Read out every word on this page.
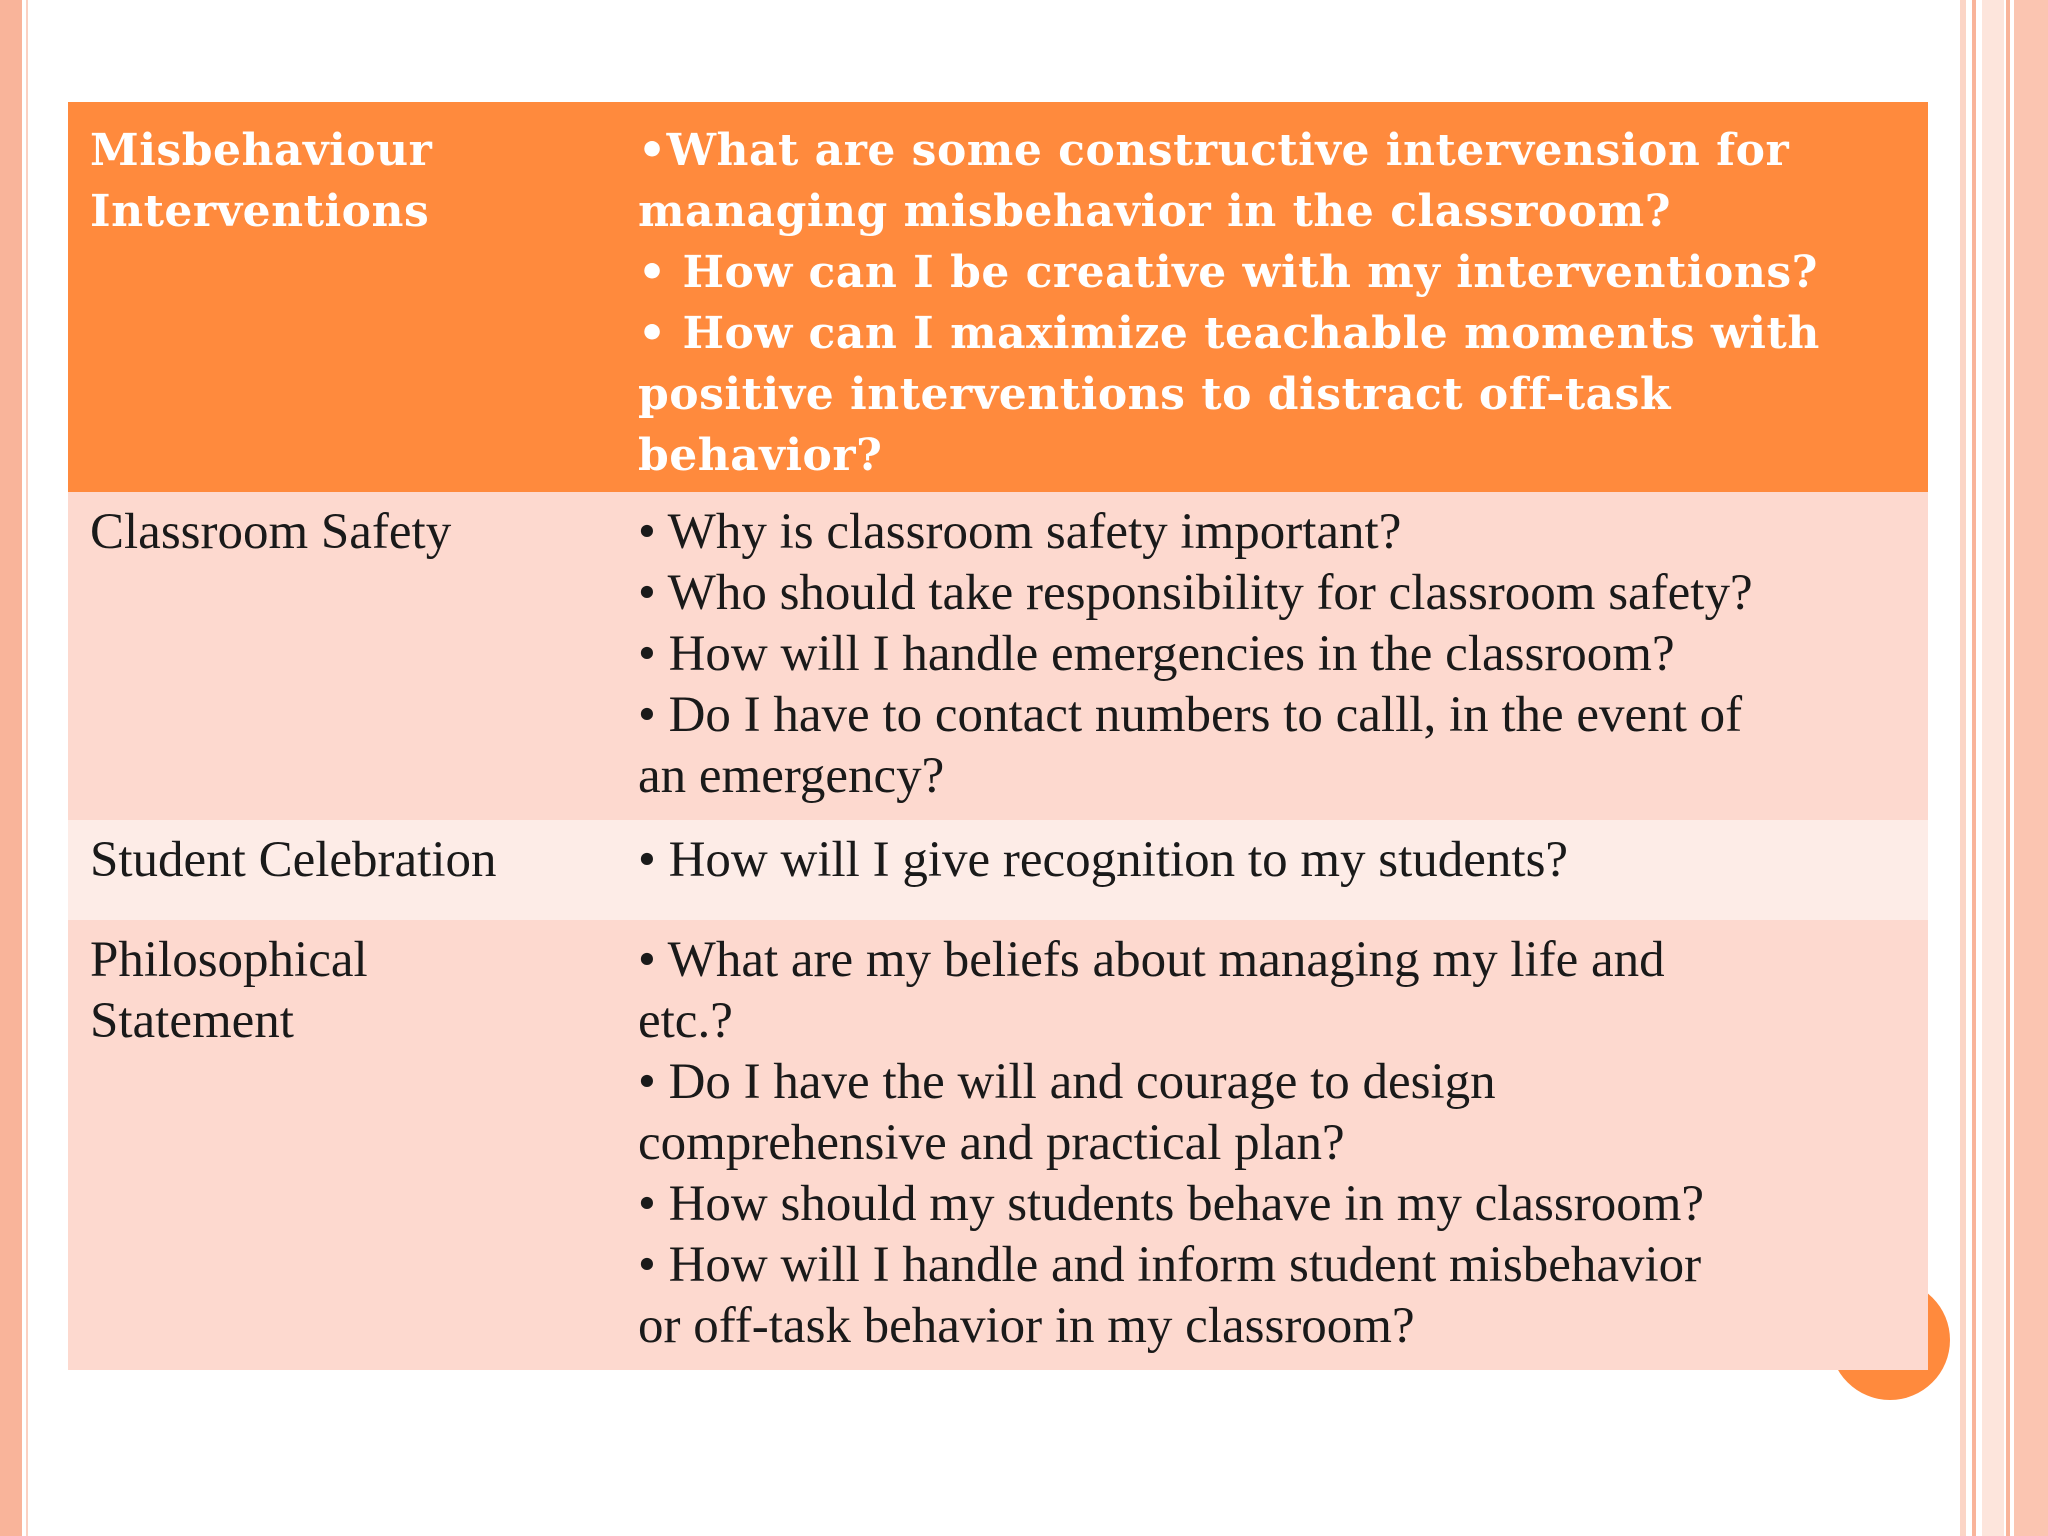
Misbehaviour
Interventions
•What are some constructive intervension for
managing misbehavior in the classroom?
• How can I be creative with my interventions?
• How can I maximize teachable moments with
positive interventions to distract off-task
behavior?
Classroom Safety	• Why is classroom safety important?
• Who should take responsibility for classroom safety?
• How will I handle emergencies in the classroom?
• Do I have to contact numbers to calll, in the event of
an emergency?
Student Celebration	• How will I give recognition to my students?
Philosophical
Statement
• What are my beliefs about managing my life and
etc.?
• Do I have the will and courage to design
comprehensive and practical plan?
• How should my students behave in my classroom?
• How will I handle and inform student misbehavior
or off-task behavior in my classroom?
